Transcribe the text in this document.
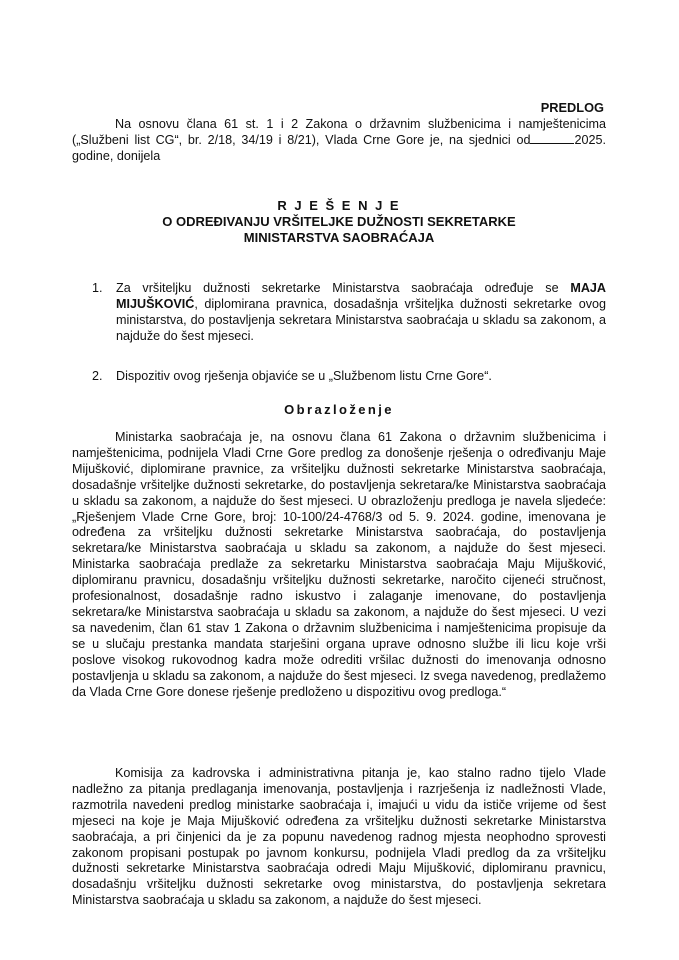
PREDLOG
Na osnovu člana 61 st. 1 i 2 Zakona o državnim službenicima i namještenicima („Službeni list CG“, br. 2/18, 34/19 i 8/21), Vlada Crne Gore je, na sjednici od	2025. godine, donijela
R J E Š E N J E
O ODREĐIVANJU VRŠITELJKE DUŽNOSTI SEKRETARKE
MINISTARSTVA SAOBRAĆAJA
1. Za vršiteljku dužnosti sekretarke Ministarstva saobraćaja određuje se MAJA MIJUŠKOVIĆ, diplomirana pravnica, dosadašnja vršiteljka dužnosti sekretarke ovog ministarstva, do postavljenja sekretara Ministarstva saobraćaja u skladu sa zakonom, a najduže do šest mjeseci.
2. Dispozitiv ovog rješenja objaviće se u „Službenom listu Crne Gore“.
Obrazloženje
Ministarka saobraćaja je, na osnovu člana 61 Zakona o državnim službenicima i namještenicima, podnijela Vladi Crne Gore predlog za donošenje rješenja o određivanju Maje Mijušković, diplomirane pravnice, za vršiteljku dužnosti sekretarke Ministarstva saobraćaja, dosadašnje vršiteljke dužnosti sekretarke, do postavljenja sekretara/ke Ministarstva saobraćaja u skladu sa zakonom, a najduže do šest mjeseci. U obrazloženju predloga je navela sljedeće: „Rješenjem Vlade Crne Gore, broj: 10-100/24-4768/3 od 5. 9. 2024. godine, imenovana je određena za vršiteljku dužnosti sekretarke Ministarstva saobraćaja, do postavljenja sekretara/ke Ministarstva saobraćaja u skladu sa zakonom, a najduže do šest mjeseci. Ministarka saobraćaja predlaže za sekretarku Ministarstva saobraćaja Maju Mijušković, diplomiranu pravnicu, dosadašnju vršiteljku dužnosti sekretarke, naročito cijeneći stručnost, profesionalnost, dosadašnje radno iskustvo i zalaganje imenovane, do postavljenja sekretara/ke Ministarstva saobraćaja u skladu sa zakonom, a najduže do šest mjeseci. U vezi sa navedenim, član 61 stav 1 Zakona o državnim službenicima i namještenicima propisuje da se u slučaju prestanka mandata starješini organa uprave odnosno službe ili licu koje vrši poslove visokog rukovodnog kadra može odrediti vršilac dužnosti do imenovanja odnosno postavljenja u skladu sa zakonom, a najduže do šest mjeseci. Iz svega navedenog, predlažemo da Vlada Crne Gore donese rješenje predloženo u dispozitivu ovog predloga.“
Komisija za kadrovska i administrativna pitanja je, kao stalno radno tijelo Vlade nadležno za pitanja predlaganja imenovanja, postavljenja i razrješenja iz nadležnosti Vlade, razmotrila navedeni predlog ministarke saobraćaja i, imajući u vidu da ističe vrijeme od šest mjeseci na koje je Maja Mijušković određena za vršiteljku dužnosti sekretarke Ministarstva saobraćaja, a pri činjenici da je za popunu navedenog radnog mjesta neophodno sprovesti zakonom propisani postupak po javnom konkursu, podnijela Vladi predlog da za vršiteljku dužnosti sekretarke Ministarstva saobraćaja odredi Maju Mijušković, diplomiranu pravnicu, dosadašnju vršiteljku dužnosti sekretarke ovog ministarstva, do postavljenja sekretara Ministarstva saobraćaja u skladu sa zakonom, a najduže do šest mjeseci.
